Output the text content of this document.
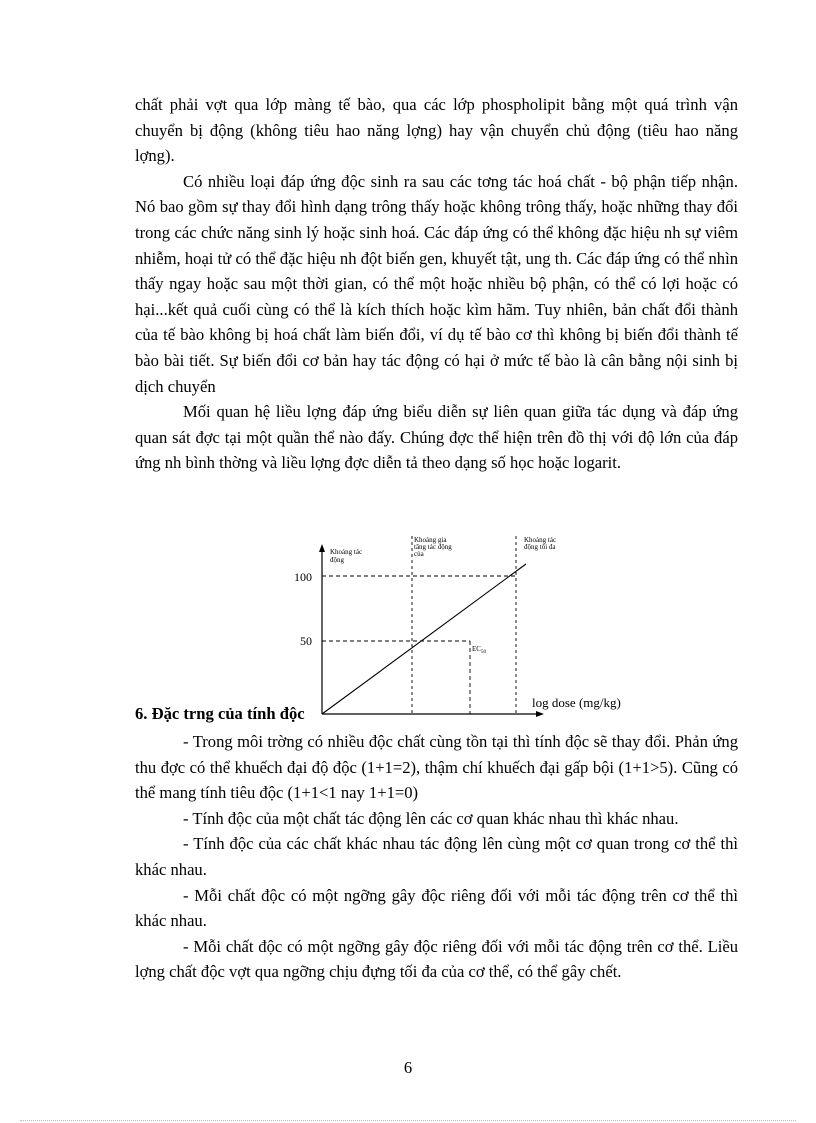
chất phải vợt qua lớp màng tế bào, qua các lớp phospholipit bằng một quá trình vận chuyển bị động (không tiêu hao năng lợng) hay vận chuyển chủ động (tiêu hao năng lợng).

Có nhiều loại đáp ứng độc sinh ra sau các tơng tác hoá chất - bộ phận tiếp nhận. Nó bao gồm sự thay đổi hình dạng trông thấy hoặc không trông thấy, hoặc những thay đổi trong các chức năng sinh lý hoặc sinh hoá. Các đáp ứng có thể không đặc hiệu nh sự viêm nhiễm, hoại tử có thể đặc hiệu nh đột biến gen, khuyết tật, ung th. Các đáp ứng có thể nhìn thấy ngay hoặc sau một thời gian, có thể một hoặc nhiều bộ phận, có thể có lợi hoặc có hại...kết quả cuối cùng có thể là kích thích hoặc kìm hãm. Tuy nhiên, bản chất đổi thành của tế bào không bị hoá chất làm biến đổi, ví dụ tế bào cơ thì không bị biến đổi thành tế bào bài tiết. Sự biến đổi cơ bản hay tác động có hại ở mức tế bào là cân bằng nội sinh bị dịch chuyển

Mối quan hệ liều lợng đáp ứng biểu diễn sự liên quan giữa tác dụng và đáp ứng quan sát đợc tại một quần thể nào đấy. Chúng đợc thể hiện trên đồ thị với độ lớn của đáp ứng nh bình thờng và liều lợng đợc diễn tả theo dạng số học hoặc logarit.

100
50
Khoảng tác động
Khoảng gia tăng tác động của
Khoảng tác động tối đa
$EC_{50}$
log dose (mg/kg)
6. Đặc trng của tính độc

- Trong môi trờng có nhiều độc chất cùng tồn tại thì tính độc sẽ thay đổi. Phản ứng thu đợc có thể khuếch đại độ độc (1+1=2), thậm chí khuếch đại gấp bội (1+1>5). Cũng có thể mang tính tiêu độc (1+1<1 nay 1+1=0)

- Tính độc của một chất tác động lên các cơ quan khác nhau thì khác nhau.

- Tính độc của các chất khác nhau tác động lên cùng một cơ quan trong cơ thể thì khác nhau.

- Mỗi chất độc có một ngỡng gây độc riêng đối với mỗi tác động trên cơ thể thì khác nhau.

- Mỗi chất độc có một ngỡng gây độc riêng đối với mỗi tác động trên cơ thể. Liều lợng chất độc vợt qua ngỡng chịu đựng tối đa của cơ thể, có thể gây chết.

6
